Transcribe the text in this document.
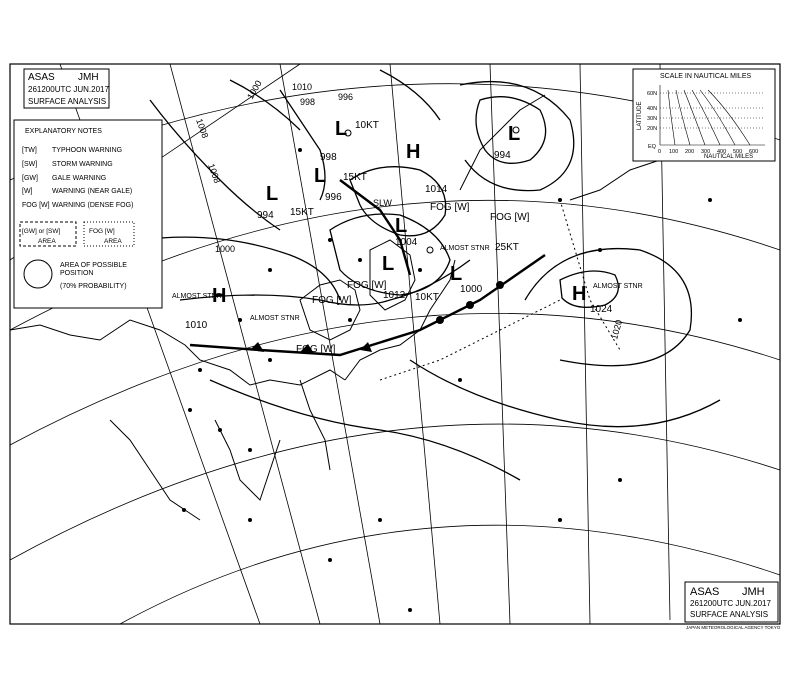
H
1014
L
1004
L
1012 10KT
L
1000
25KT
H
1024
ALMOST STNR
L
994 15KT
L
996
15KT
L
994
H
1010
ALMOST STNR
L
998
10KT
1000
1008
1000
1020
1010
996
998
1008
FOG [W]
FOG [W]
FOG [W]
FOG [W]
FOG [W]
SLW
ALMOST STNR
ALMOST STNR
ASAS JMH
261200UTC JUN.2017
SURFACE ANALYSIS
EXPLANATORY NOTES
[TW] TYPHOON WARNING
[SW] STORM WARNING
[GW] GALE WARNING
[W]	WARNING (NEAR GALE)
FOG [W] WARNING (DENSE FOG)
[GW] or [SW]
AREA
FOG [W]
AREA
AREA OF POSSIBLE
POSITION
(70% PROBABILITY)
SCALE IN NAUTICAL MILES
LATITUDE
NAUTICAL MILES
60N
40N
30N
20N
EQ
0 100 200 300 400 500 600
ASAS JMH
261200UTC JUN.2017
SURFACE ANALYSIS
JAPAN METEOROLOGICAL AGENCY TOKYO
